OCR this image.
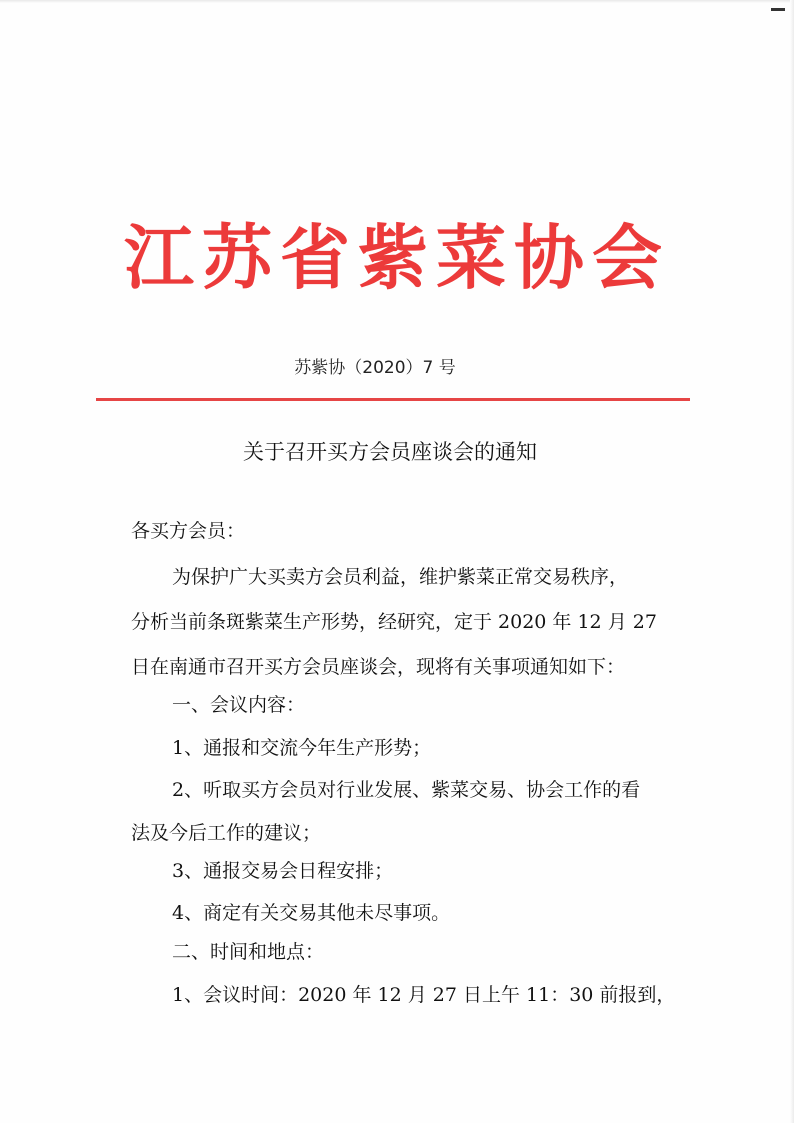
江苏省紫菜协会
苏紫协（2020）7 号
关于召开买方会员座谈会的通知
各买方会员：
为保护广大买卖方会员利益，维护紫菜正常交易秩序，
分析当前条斑紫菜生产形势，经研究，定于 2020 年 12 月 27
日在南通市召开买方会员座谈会，现将有关事项通知如下：
一、会议内容：
1、通报和交流今年生产形势；
2、听取买方会员对行业发展、紫菜交易、协会工作的看
法及今后工作的建议；
3、通报交易会日程安排；
4、商定有关交易其他未尽事项。
二、时间和地点：
1、会议时间：2020 年 12 月 27 日上午 11：30 前报到，
